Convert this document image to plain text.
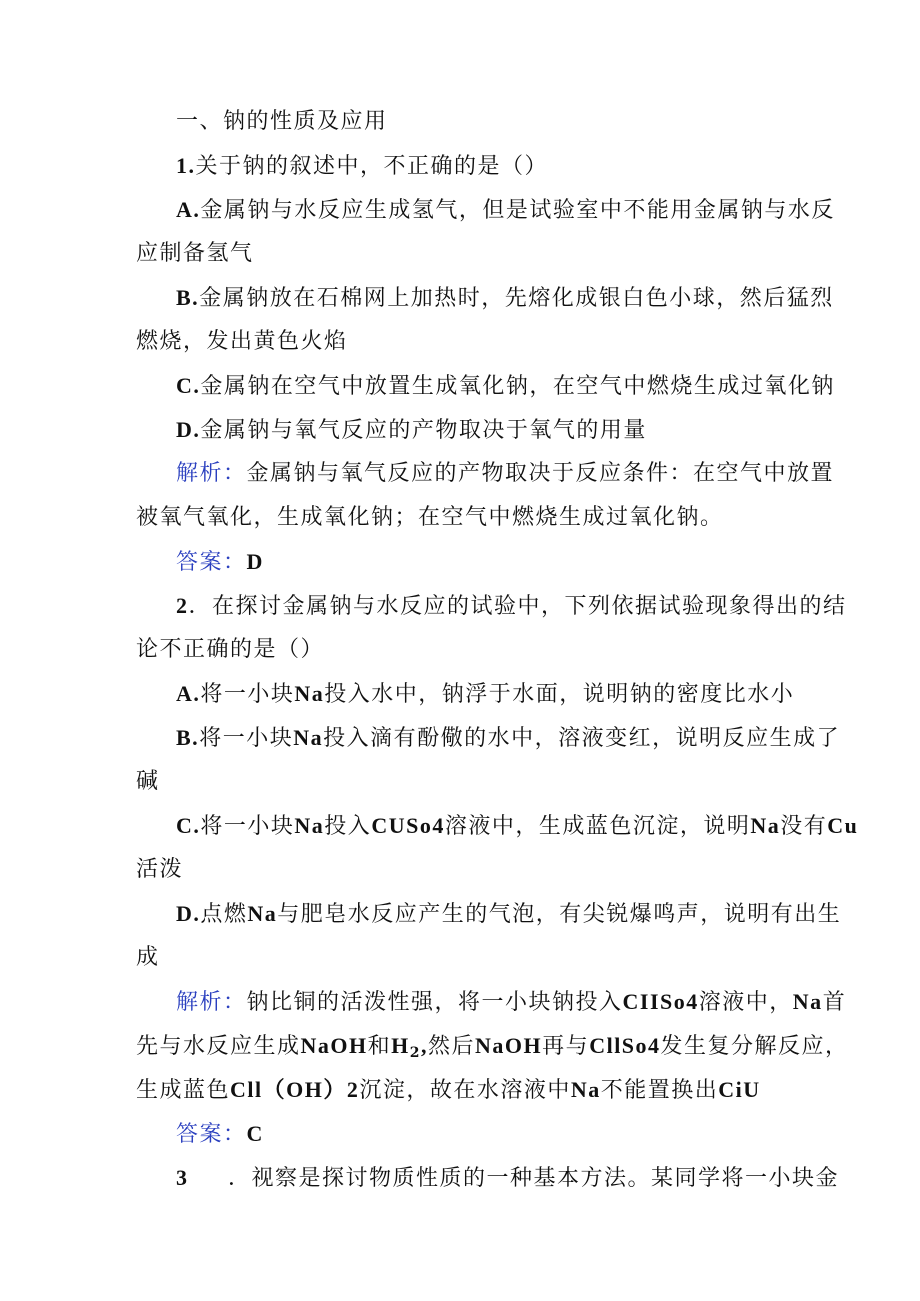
一、钠的性质及应用
1.关于钠的叙述中，不正确的是（）
A.金属钠与水反应生成氢气，但是试验室中不能用金属钠与水反
应制备氢气
B.金属钠放在石棉网上加热时，先熔化成银白色小球，然后猛烈
燃烧，发出黄色火焰
C.金属钠在空气中放置生成氧化钠，在空气中燃烧生成过氧化钠
D.金属钠与氧气反应的产物取决于氧气的用量
解析：金属钠与氧气反应的产物取决于反应条件：在空气中放置
被氧气氧化，生成氧化钠；在空气中燃烧生成过氧化钠。
答案：D
2．在探讨金属钠与水反应的试验中，下列依据试验现象得出的结
论不正确的是（）
A.将一小块Na投入水中，钠浮于水面，说明钠的密度比水小
B.将一小块Na投入滴有酚儆的水中，溶液变红，说明反应生成了
碱
C.将一小块Na投入CUSo4溶液中，生成蓝色沉淀，说明Na没有Cu
活泼
D.点燃Na与肥皂水反应产生的气泡，有尖锐爆鸣声，说明有出生
成
解析：钠比铜的活泼性强，将一小块钠投入CIISo4溶液中，Na首
先与水反应生成NaOH和$H_2$,然后NaOH再与CllSo4发生复分解反应，
生成蓝色Cll（OH）2沉淀，故在水溶液中Na不能置换出CiU
答案：C
3 ．视察是探讨物质性质的一种基本方法。某同学将一小块金
